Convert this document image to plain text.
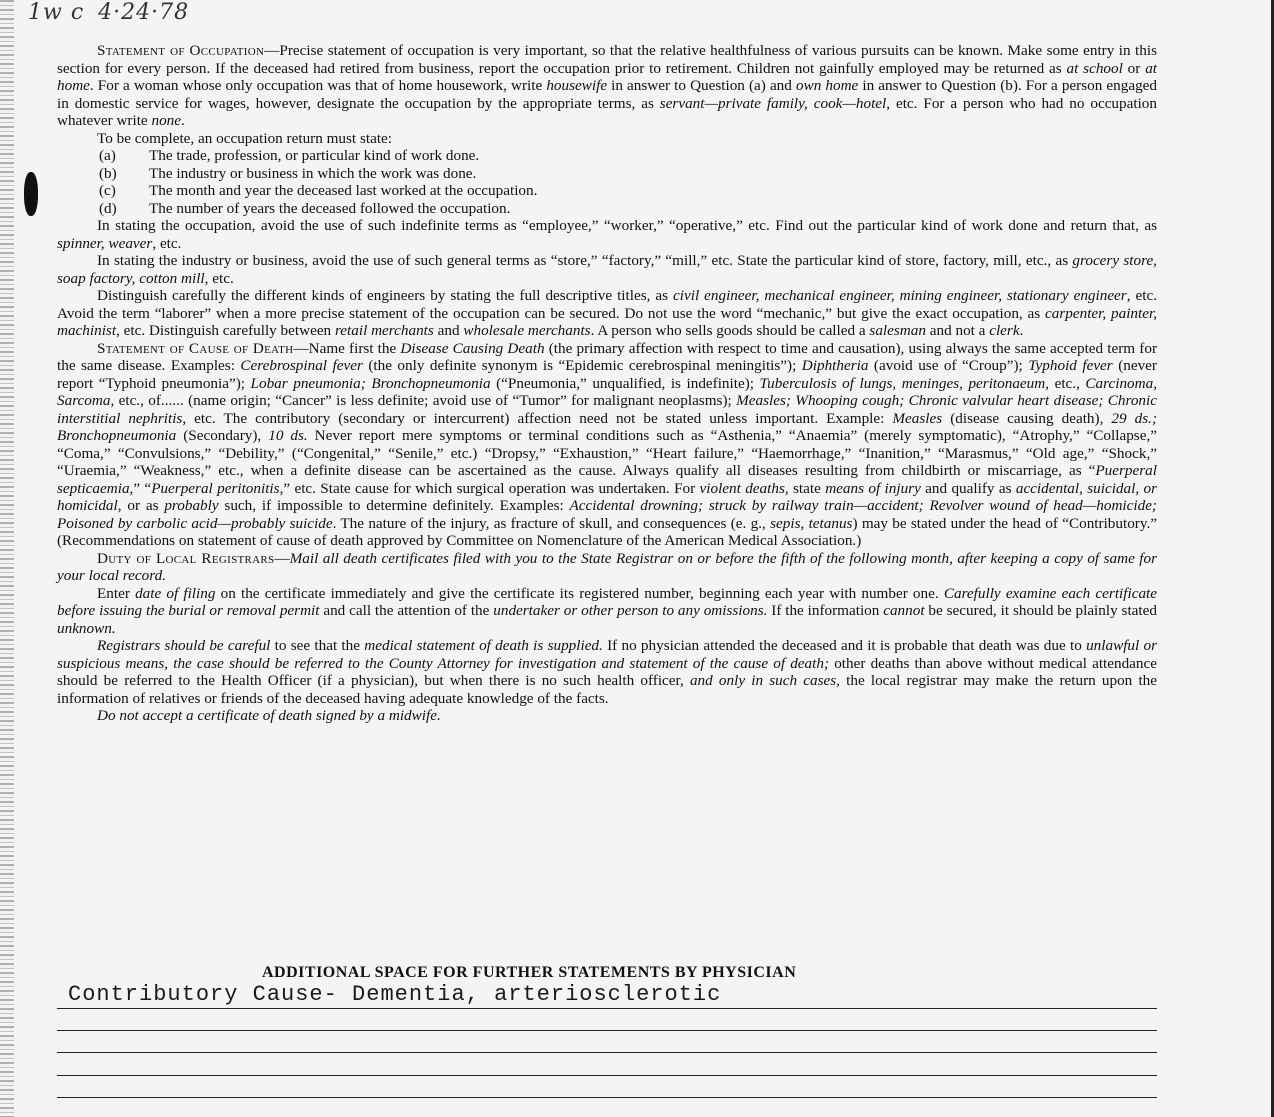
1w c 4·24·78

Statement of Occupation—Precise statement of occupation is very important, so that the relative healthfulness of various pursuits can be known. Make some entry in this section for every person. If the deceased had retired from business, report the occupation prior to retirement. Children not gainfully employed may be returned as at school or at home. For a woman whose only occupation was that of home housework, write housewife in answer to Question (a) and own home in answer to Question (b). For a person engaged in domestic service for wages, however, designate the occupation by the appropriate terms, as servant—private family, cook—hotel, etc. For a person who had no occupation whatever write none.

To be complete, an occupation return must state:

(a) The trade, profession, or particular kind of work done.
(b) The industry or business in which the work was done.
(c) The month and year the deceased last worked at the occupation.
(d) The number of years the deceased followed the occupation.

In stating the occupation, avoid the use of such indefinite terms as “employee,” “worker,” “operative,” etc. Find out the particular kind of work done and return that, as spinner, weaver, etc.

In stating the industry or business, avoid the use of such general terms as “store,” “factory,” “mill,” etc. State the particular kind of store, factory, mill, etc., as grocery store, soap factory, cotton mill, etc.

Distinguish carefully the different kinds of engineers by stating the full descriptive titles, as civil engineer, mechanical engineer, mining engineer, stationary engineer, etc. Avoid the term “laborer” when a more precise statement of the occupation can be secured. Do not use the word “mechanic,” but give the exact occupation, as carpenter, painter, machinist, etc. Distinguish carefully between retail merchants and wholesale merchants. A person who sells goods should be called a salesman and not a clerk.

Statement of Cause of Death—Name first the Disease Causing Death (the primary affection with respect to time and causation), using always the same accepted term for the same disease. Examples: Cerebrospinal fever (the only definite synonym is “Epidemic cerebrospinal meningitis”); Diphtheria (avoid use of “Croup”); Typhoid fever (never report “Typhoid pneumonia”); Lobar pneumonia; Bronchopneumonia (“Pneumonia,” unqualified, is indefinite); Tuberculosis of lungs, meninges, peritonaeum, etc., Carcinoma, Sarcoma, etc., of...... (name origin; “Cancer” is less definite; avoid use of “Tumor” for malignant neoplasms); Measles; Whooping cough; Chronic valvular heart disease; Chronic interstitial nephritis, etc. The contributory (secondary or intercurrent) affection need not be stated unless important. Example: Measles (disease causing death), 29 ds.; Bronchopneumonia (Secondary), 10 ds. Never report mere symptoms or terminal conditions such as “Asthenia,” “Anaemia” (merely symptomatic), “Atrophy,” “Collapse,” “Coma,” “Convulsions,” “Debility,” (“Congenital,” “Senile,” etc.) “Dropsy,” “Exhaustion,” “Heart failure,” “Haemorrhage,” “Inanition,” “Marasmus,” “Old age,” “Shock,” “Uraemia,” “Weakness,” etc., when a definite disease can be ascertained as the cause. Always qualify all diseases resulting from childbirth or miscarriage, as “Puerperal septicaemia,” “Puerperal peritonitis,” etc. State cause for which surgical operation was undertaken. For violent deaths, state means of injury and qualify as accidental, suicidal, or homicidal, or as probably such, if impossible to determine definitely. Examples: Accidental drowning; struck by railway train—accident; Revolver wound of head—homicide; Poisoned by carbolic acid—probably suicide. The nature of the injury, as fracture of skull, and consequences (e. g., sepis, tetanus) may be stated under the head of “Contributory.” (Recommendations on statement of cause of death approved by Committee on Nomenclature of the American Medical Association.)

Duty of Local Registrars—Mail all death certificates filed with you to the State Registrar on or before the fifth of the following month, after keeping a copy of same for your local record.

Enter date of filing on the certificate immediately and give the certificate its registered number, beginning each year with number one. Carefully examine each certificate before issuing the burial or removal permit and call the attention of the undertaker or other person to any omissions. If the information cannot be secured, it should be plainly stated unknown.

Registrars should be careful to see that the medical statement of death is supplied. If no physician attended the deceased and it is probable that death was due to unlawful or suspicious means, the case should be referred to the County Attorney for investigation and statement of the cause of death; other deaths than above without medical attendance should be referred to the Health Officer (if a physician), but when there is no such health officer, and only in such cases, the local registrar may make the return upon the information of relatives or friends of the deceased having adequate knowledge of the facts.

Do not accept a certificate of death signed by a midwife.

ADDITIONAL SPACE FOR FURTHER STATEMENTS BY PHYSICIAN
Contributory Cause- Dementia, arteriosclerotic
